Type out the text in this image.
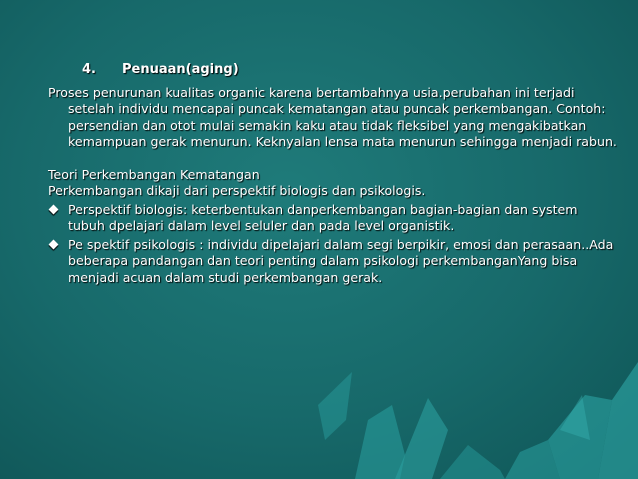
4. Penuaan(aging)

Proses penurunan kualitas organic karena bertambahnya usia.perubahan ini terjadi setelah individu mencapai puncak kematangan atau puncak perkembangan. Contoh: persendian dan otot mulai semakin kaku atau tidak fleksibel yang mengakibatkan kemampuan gerak menurun. Keknyalan lensa mata menurun sehingga menjadi rabun.

Teori Perkembangan Kematangan

Perkembangan dikaji dari perspektif biologis dan psikologis.

Perspektif biologis: keterbentukan danperkembangan bagian-bagian dan system tubuh dpelajari dalam level seluler dan pada level organistik.
Pe spektif psikologis : individu dipelajari dalam segi berpikir, emosi dan perasaan..Ada beberapa pandangan dan teori penting dalam psikologi perkembanganYang bisa menjadi acuan dalam studi perkembangan gerak.
